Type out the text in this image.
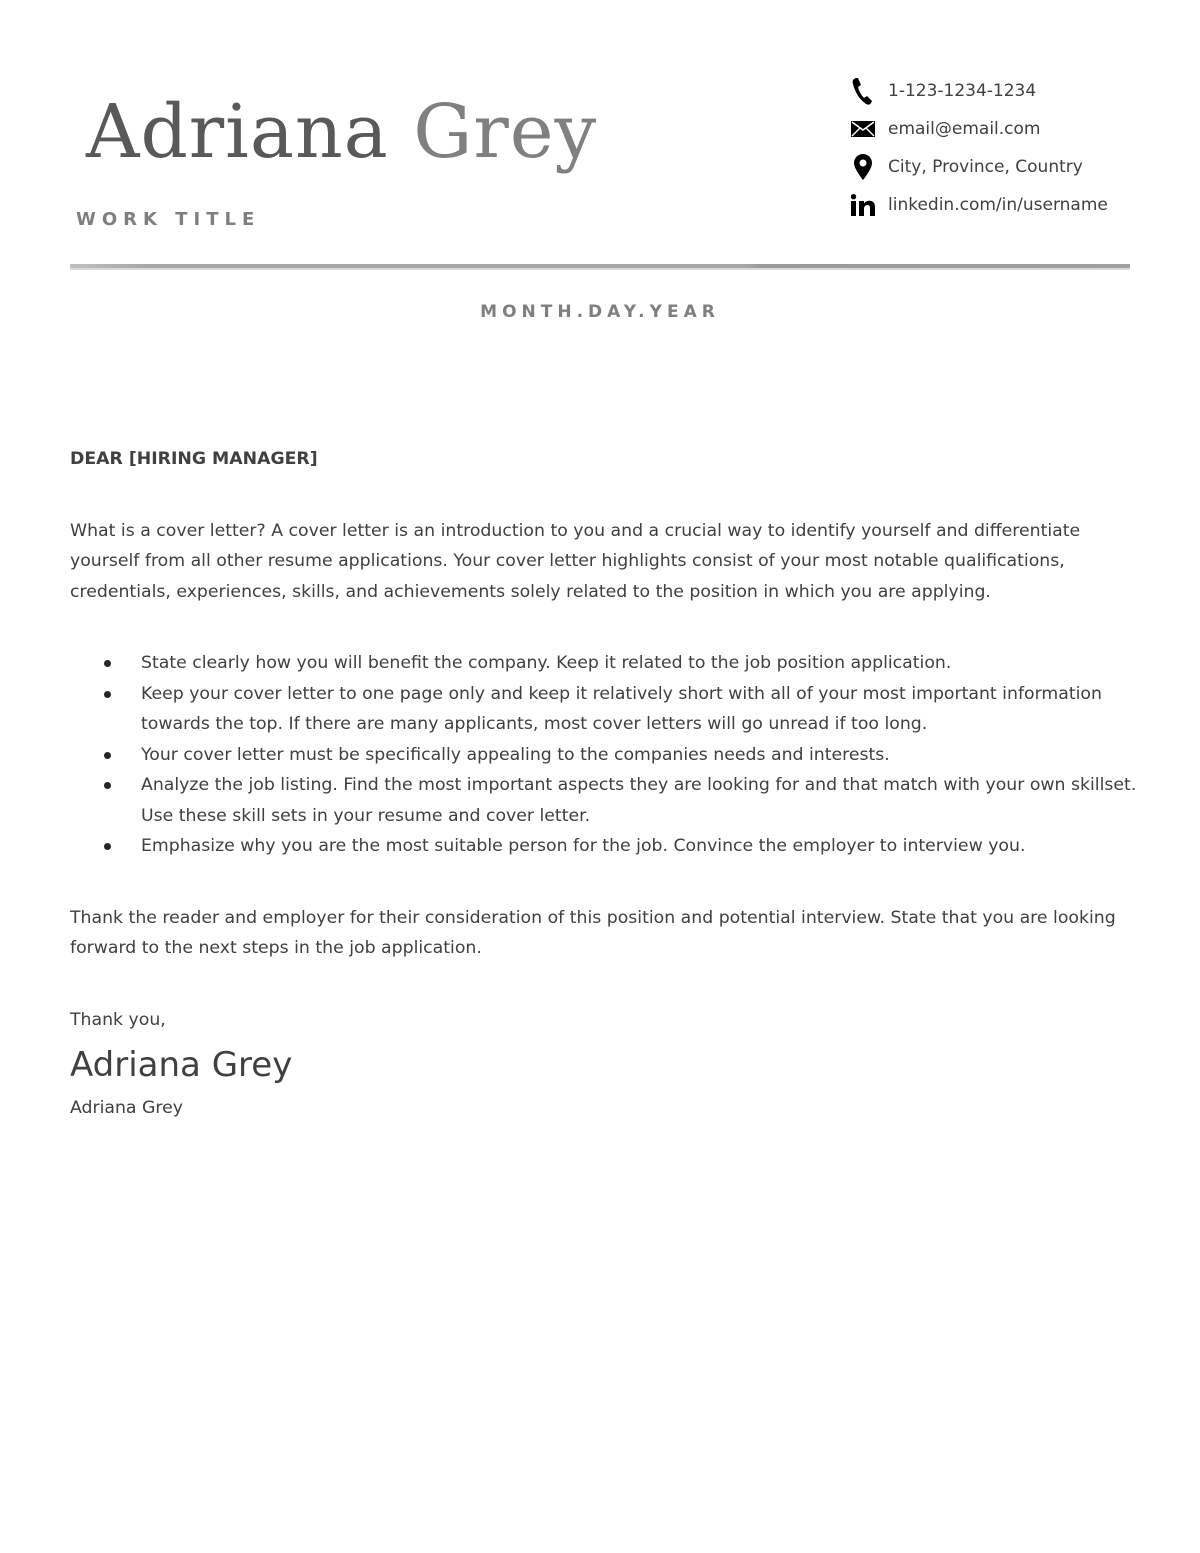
Adriana Grey
WORK TITLE
1-123-1234-1234
email@email.com
City, Province, Country
linkedin.com/in/username
MONTH.DAY.YEAR

DEAR [HIRING MANAGER]

What is a cover letter? A cover letter is an introduction to you and a crucial way to identify yourself and differentiate yourself from all other resume applications. Your cover letter highlights consist of your most notable qualifications, credentials, experiences, skills, and achievements solely related to the position in which you are applying.

State clearly how you will benefit the company. Keep it related to the job position application.
Keep your cover letter to one page only and keep it relatively short with all of your most important information towards the top. If there are many applicants, most cover letters will go unread if too long.
Your cover letter must be specifically appealing to the companies needs and interests.
Analyze the job listing. Find the most important aspects they are looking for and that match with your own skillset. Use these skill sets in your resume and cover letter.
Emphasize why you are the most suitable person for the job. Convince the employer to interview you.

Thank the reader and employer for their consideration of this position and potential interview. State that you are looking forward to the next steps in the job application.

Thank you,

Adriana Grey

Adriana Grey
